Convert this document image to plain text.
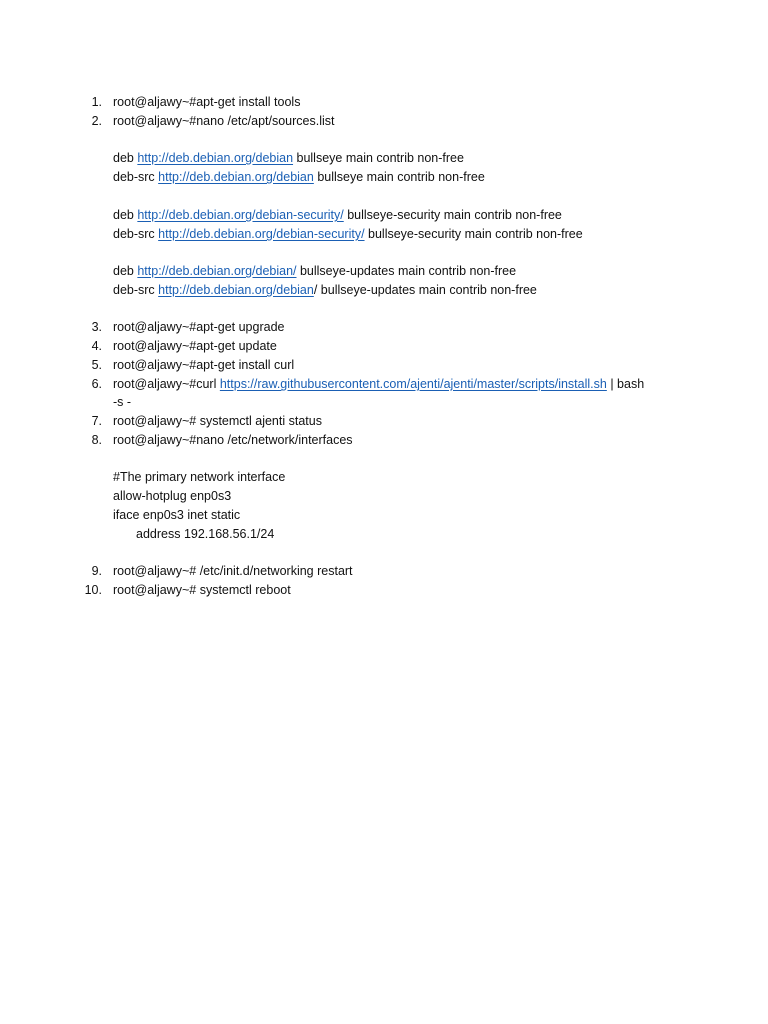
1. root@aljawy~#apt-get install tools
2. root@aljawy~#nano /etc/apt/sources.list
deb http://deb.debian.org/debian bullseye main contrib non-free
deb-src http://deb.debian.org/debian bullseye main contrib non-free
deb http://deb.debian.org/debian-security/ bullseye-security main contrib non-free
deb-src http://deb.debian.org/debian-security/ bullseye-security main contrib non-free
deb http://deb.debian.org/debian/ bullseye-updates main contrib non-free
deb-src http://deb.debian.org/debian/ bullseye-updates main contrib non-free
3. root@aljawy~#apt-get upgrade
4. root@aljawy~#apt-get update
5. root@aljawy~#apt-get install curl
6. root@aljawy~#curl https://raw.githubusercontent.com/ajenti/ajenti/master/scripts/install.sh | bash
-s -
7. root@aljawy~# systemctl ajenti status
8. root@aljawy~#nano /etc/network/interfaces
#The primary network interface
allow-hotplug enp0s3
iface enp0s3 inet static
address 192.168.56.1/24
9. root@aljawy~# /etc/init.d/networking restart
10. root@aljawy~# systemctl reboot
